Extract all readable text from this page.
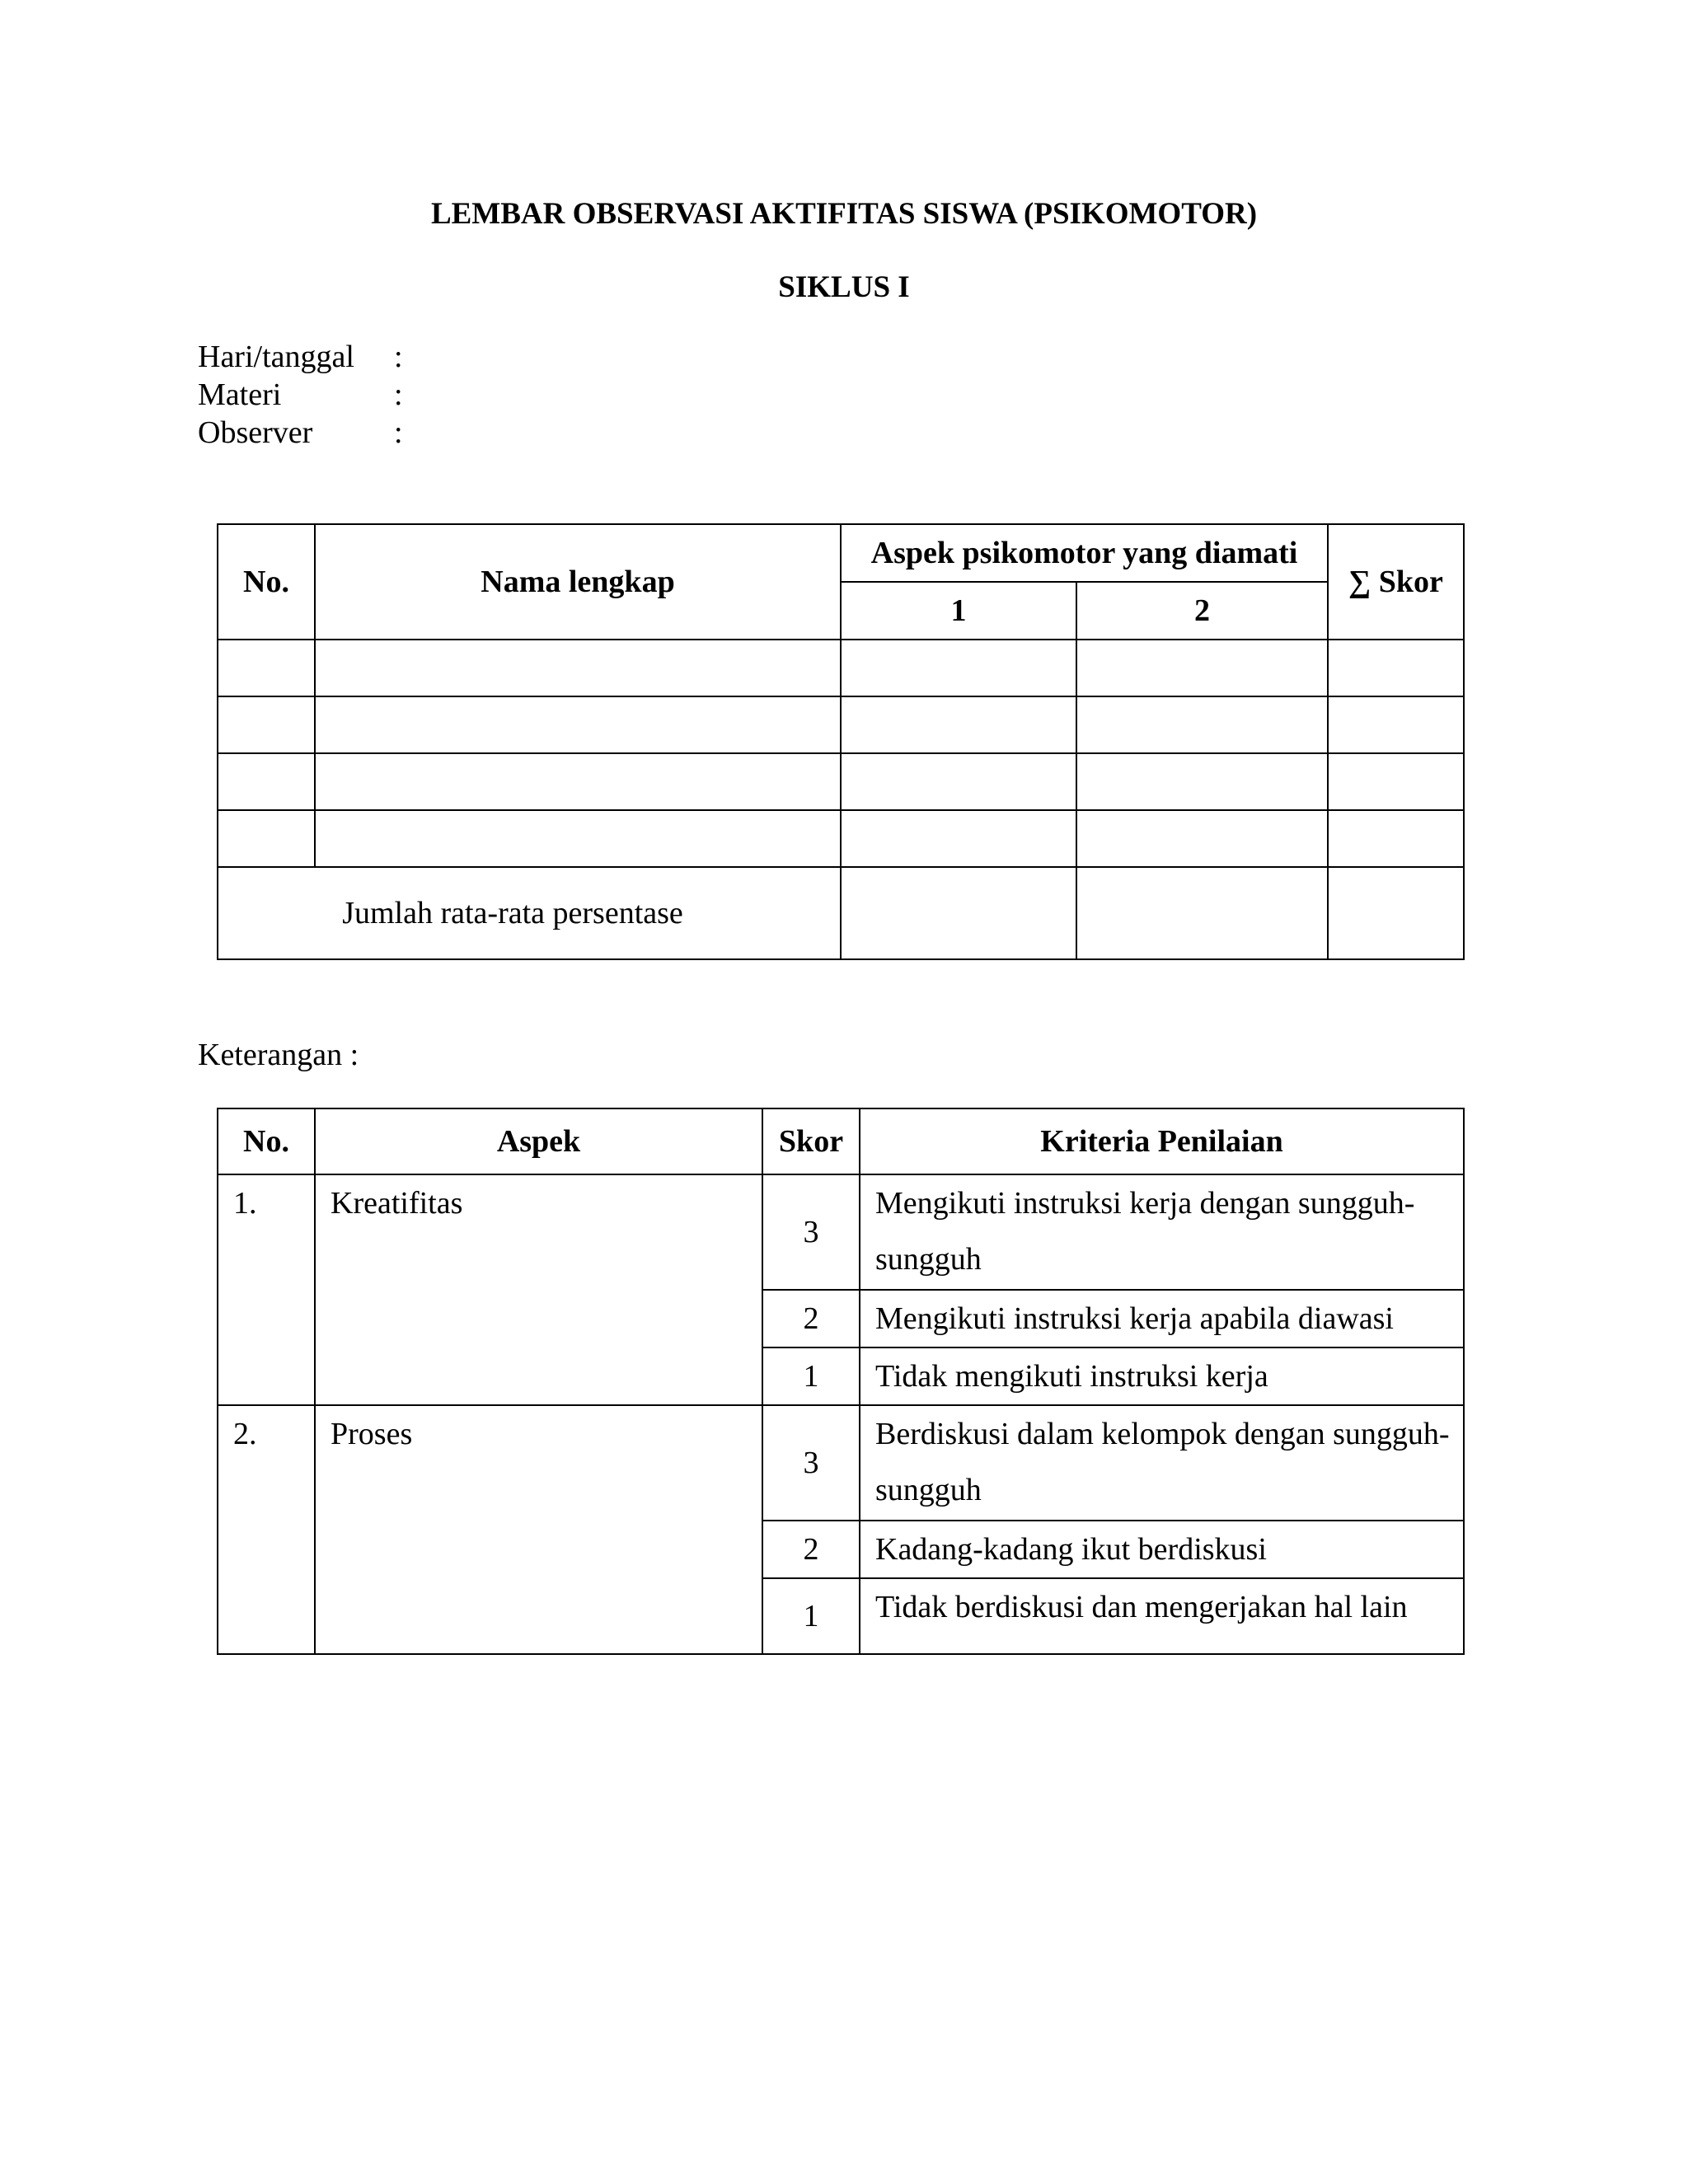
LEMBAR OBSERVASI AKTIFITAS SISWA (PSIKOMOTOR)
SIKLUS I
Hari/tanggal	:
Materi	:
Observer	:
No.	Nama lengkap	Aspek psikomotor yang diamati		∑ Skor
		1	2	

Jumlah rata-rata persentase				

Keterangan :

No.	Aspek	Skor	Kriteria Penilaian
1.	Kreatifitas	3	Mengikuti instruksi kerja dengan sungguh-sungguh
		2	Mengikuti instruksi kerja apabila diawasi
		1	Tidak mengikuti instruksi kerja
2.	Proses	3	Berdiskusi dalam kelompok dengan sungguh-sungguh
		2	Kadang-kadang ikut berdiskusi
		1	Tidak berdiskusi dan mengerjakan hal lain
